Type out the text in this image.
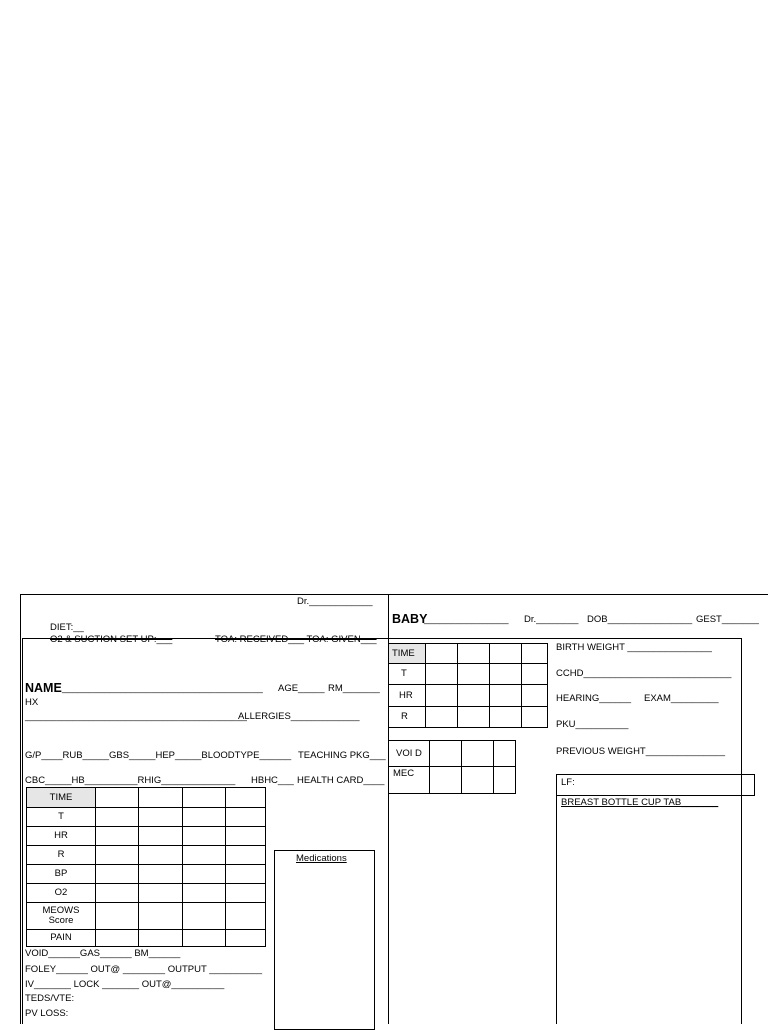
Dr.____________
DIET:__
O2 & SUCTION SET UP:___	TOA: RECEIVED___ TOA: GIVEN___
NAME ______________________________________ AGE_____ RM_______
HX
__________________________________________
ALLERGIES_____________
G/P____RUB_____GBS_____HEP_____BLOODTYPE______ TEACHING PKG___
CBC_____HB__________RHIG______________ HBHC___ HEALTH CARD____
TIME				
T				
HR				
R				
BP				
O2				
MEOWS Score				
PAIN				
VOID______GAS______ BM______
FOLEY______ OUT@ ________ OUTPUT __________
IV_______ LOCK _______ OUT@__________
TEDS/VTE:
PV LOSS:
Medications
BABY
________________ Dr.________ DOB________________ GEST_______
TIME				
T				
HR				
R				
VOI D			
MEC			
BIRTH WEIGHT ________________
CCHD____________________________
HEARING______ EXAM_________
PKU__________
PREVIOUS WEIGHT_______________
LF:
BREAST BOTTLE CUP TAB_______
